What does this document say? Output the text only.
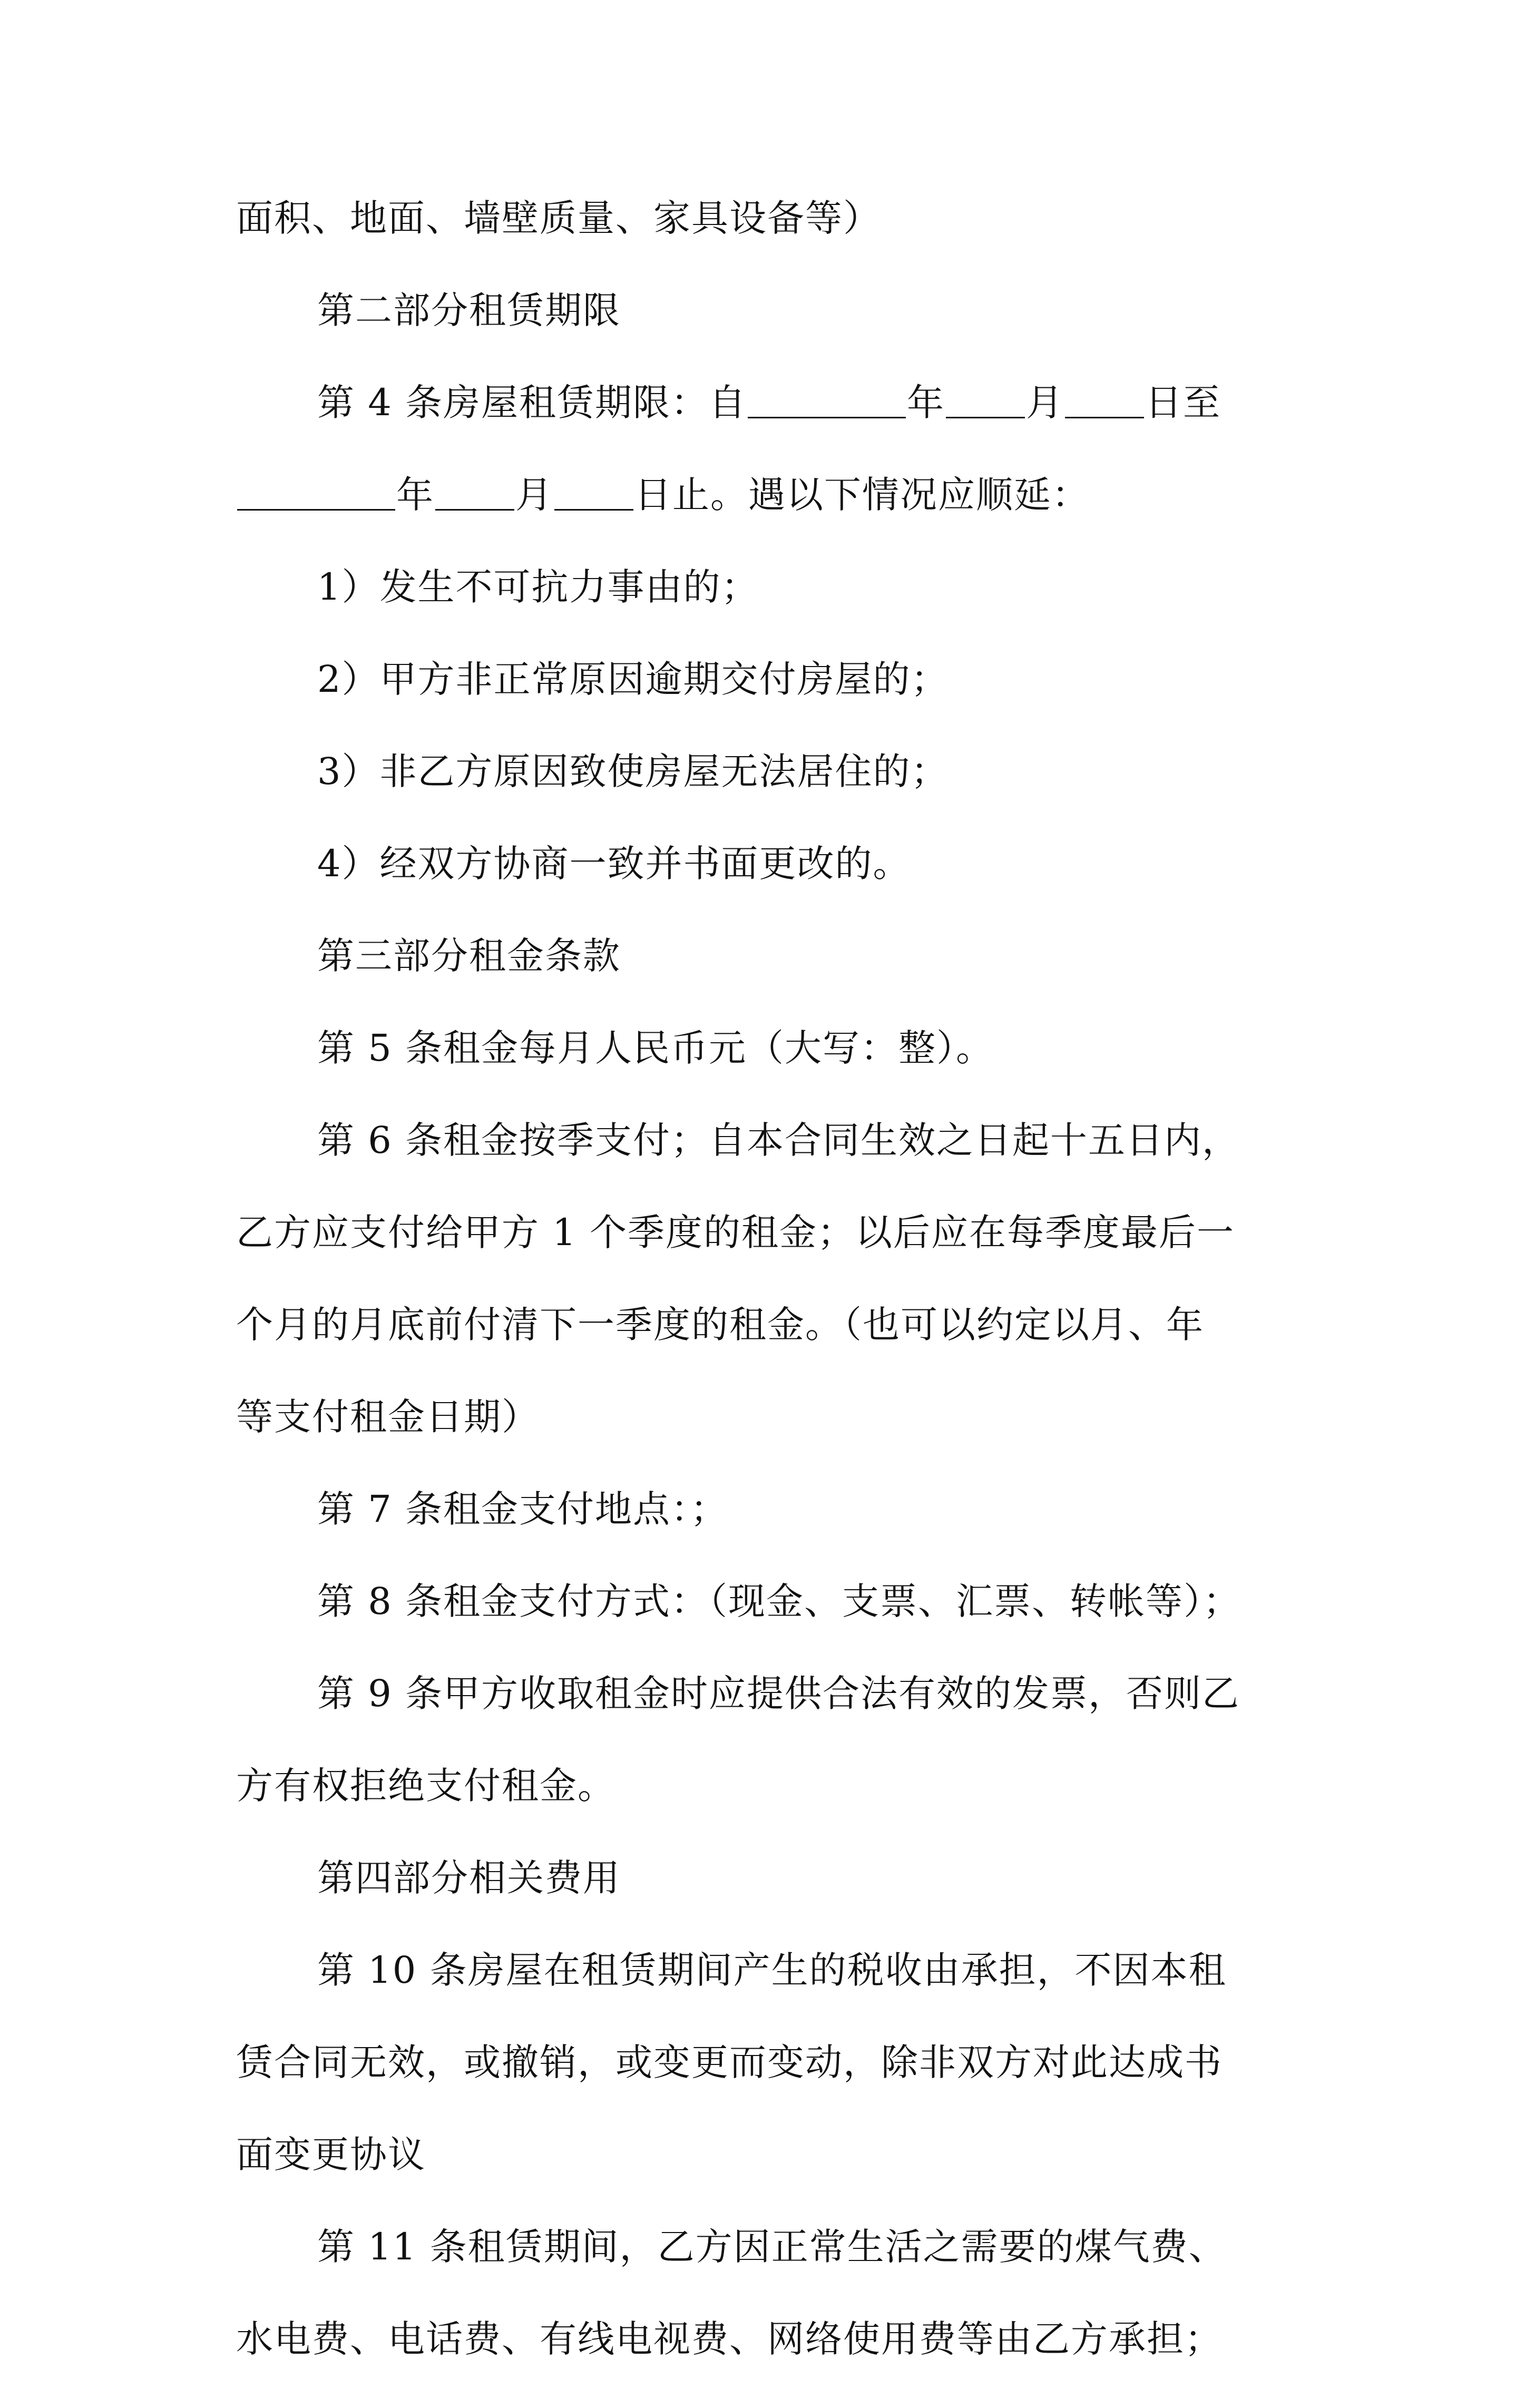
面积、地面、墙壁质量、家具设备等）
第二部分租赁期限
第 4 条房屋租赁期限：自	年 月 日至
年 月 日止。遇以下情况应顺延：
1）发生不可抗力事由的；
2）甲方非正常原因逾期交付房屋的；
3）非乙方原因致使房屋无法居住的；
4）经双方协商一致并书面更改的。
第三部分租金条款
第 5 条租金每月人民币元（大写：整）。
第 6 条租金按季支付；自本合同生效之日起十五日内，
乙方应支付给甲方 1 个季度的租金；以后应在每季度最后一
个月的月底前付清下一季度的租金。（也可以约定以月、年
等支付租金日期）
第 7 条租金支付地点：；
第 8 条租金支付方式：（现金、支票、汇票、转帐等）；
第 9 条甲方收取租金时应提供合法有效的发票，否则乙
方有权拒绝支付租金。
第四部分相关费用
第 10 条房屋在租赁期间产生的税收由承担，不因本租
赁合同无效，或撤销，或变更而变动，除非双方对此达成书
面变更协议
第 11 条租赁期间，乙方因正常生活之需要的煤气费、
水电费、电话费、有线电视费、网络使用费等由乙方承担；
